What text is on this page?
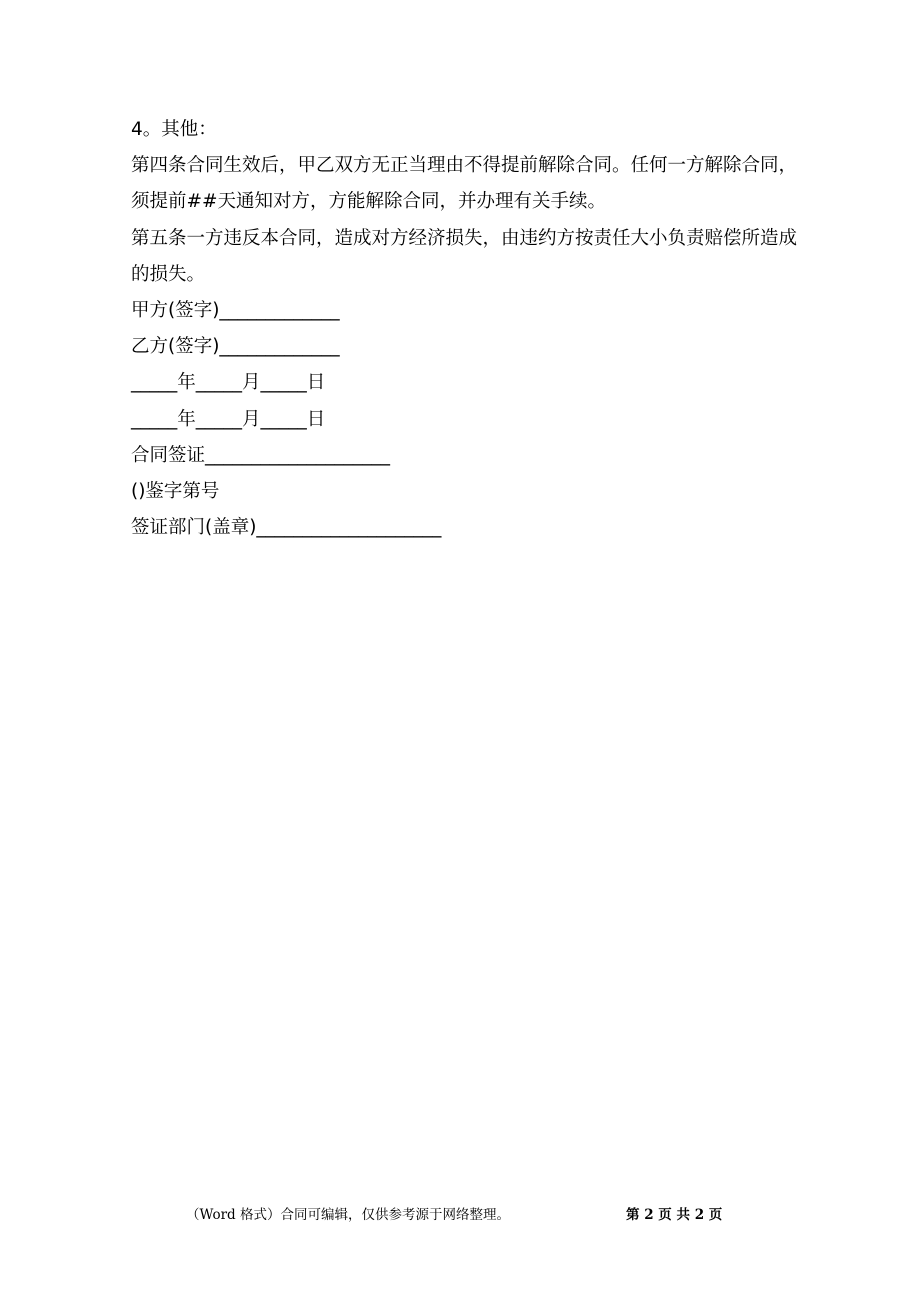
4。其他：
第四条合同生效后，甲乙双方无正当理由不得提前解除合同。任何一方解除合同，须提前##天通知对方，方能解除合同，并办理有关手续。
第五条一方违反本合同，造成对方经济损失，由违约方按责任大小负责赔偿所造成的损失。
甲方(签字)_____________
乙方(签字)_____________
_____年_____月_____日
_____年_____月_____日
合同签证____________________
()鉴字第号
签证部门(盖章)____________________
（Word 格式）合同可编辑，仅供参考源于网络整理。	第 2 页 共 2 页
